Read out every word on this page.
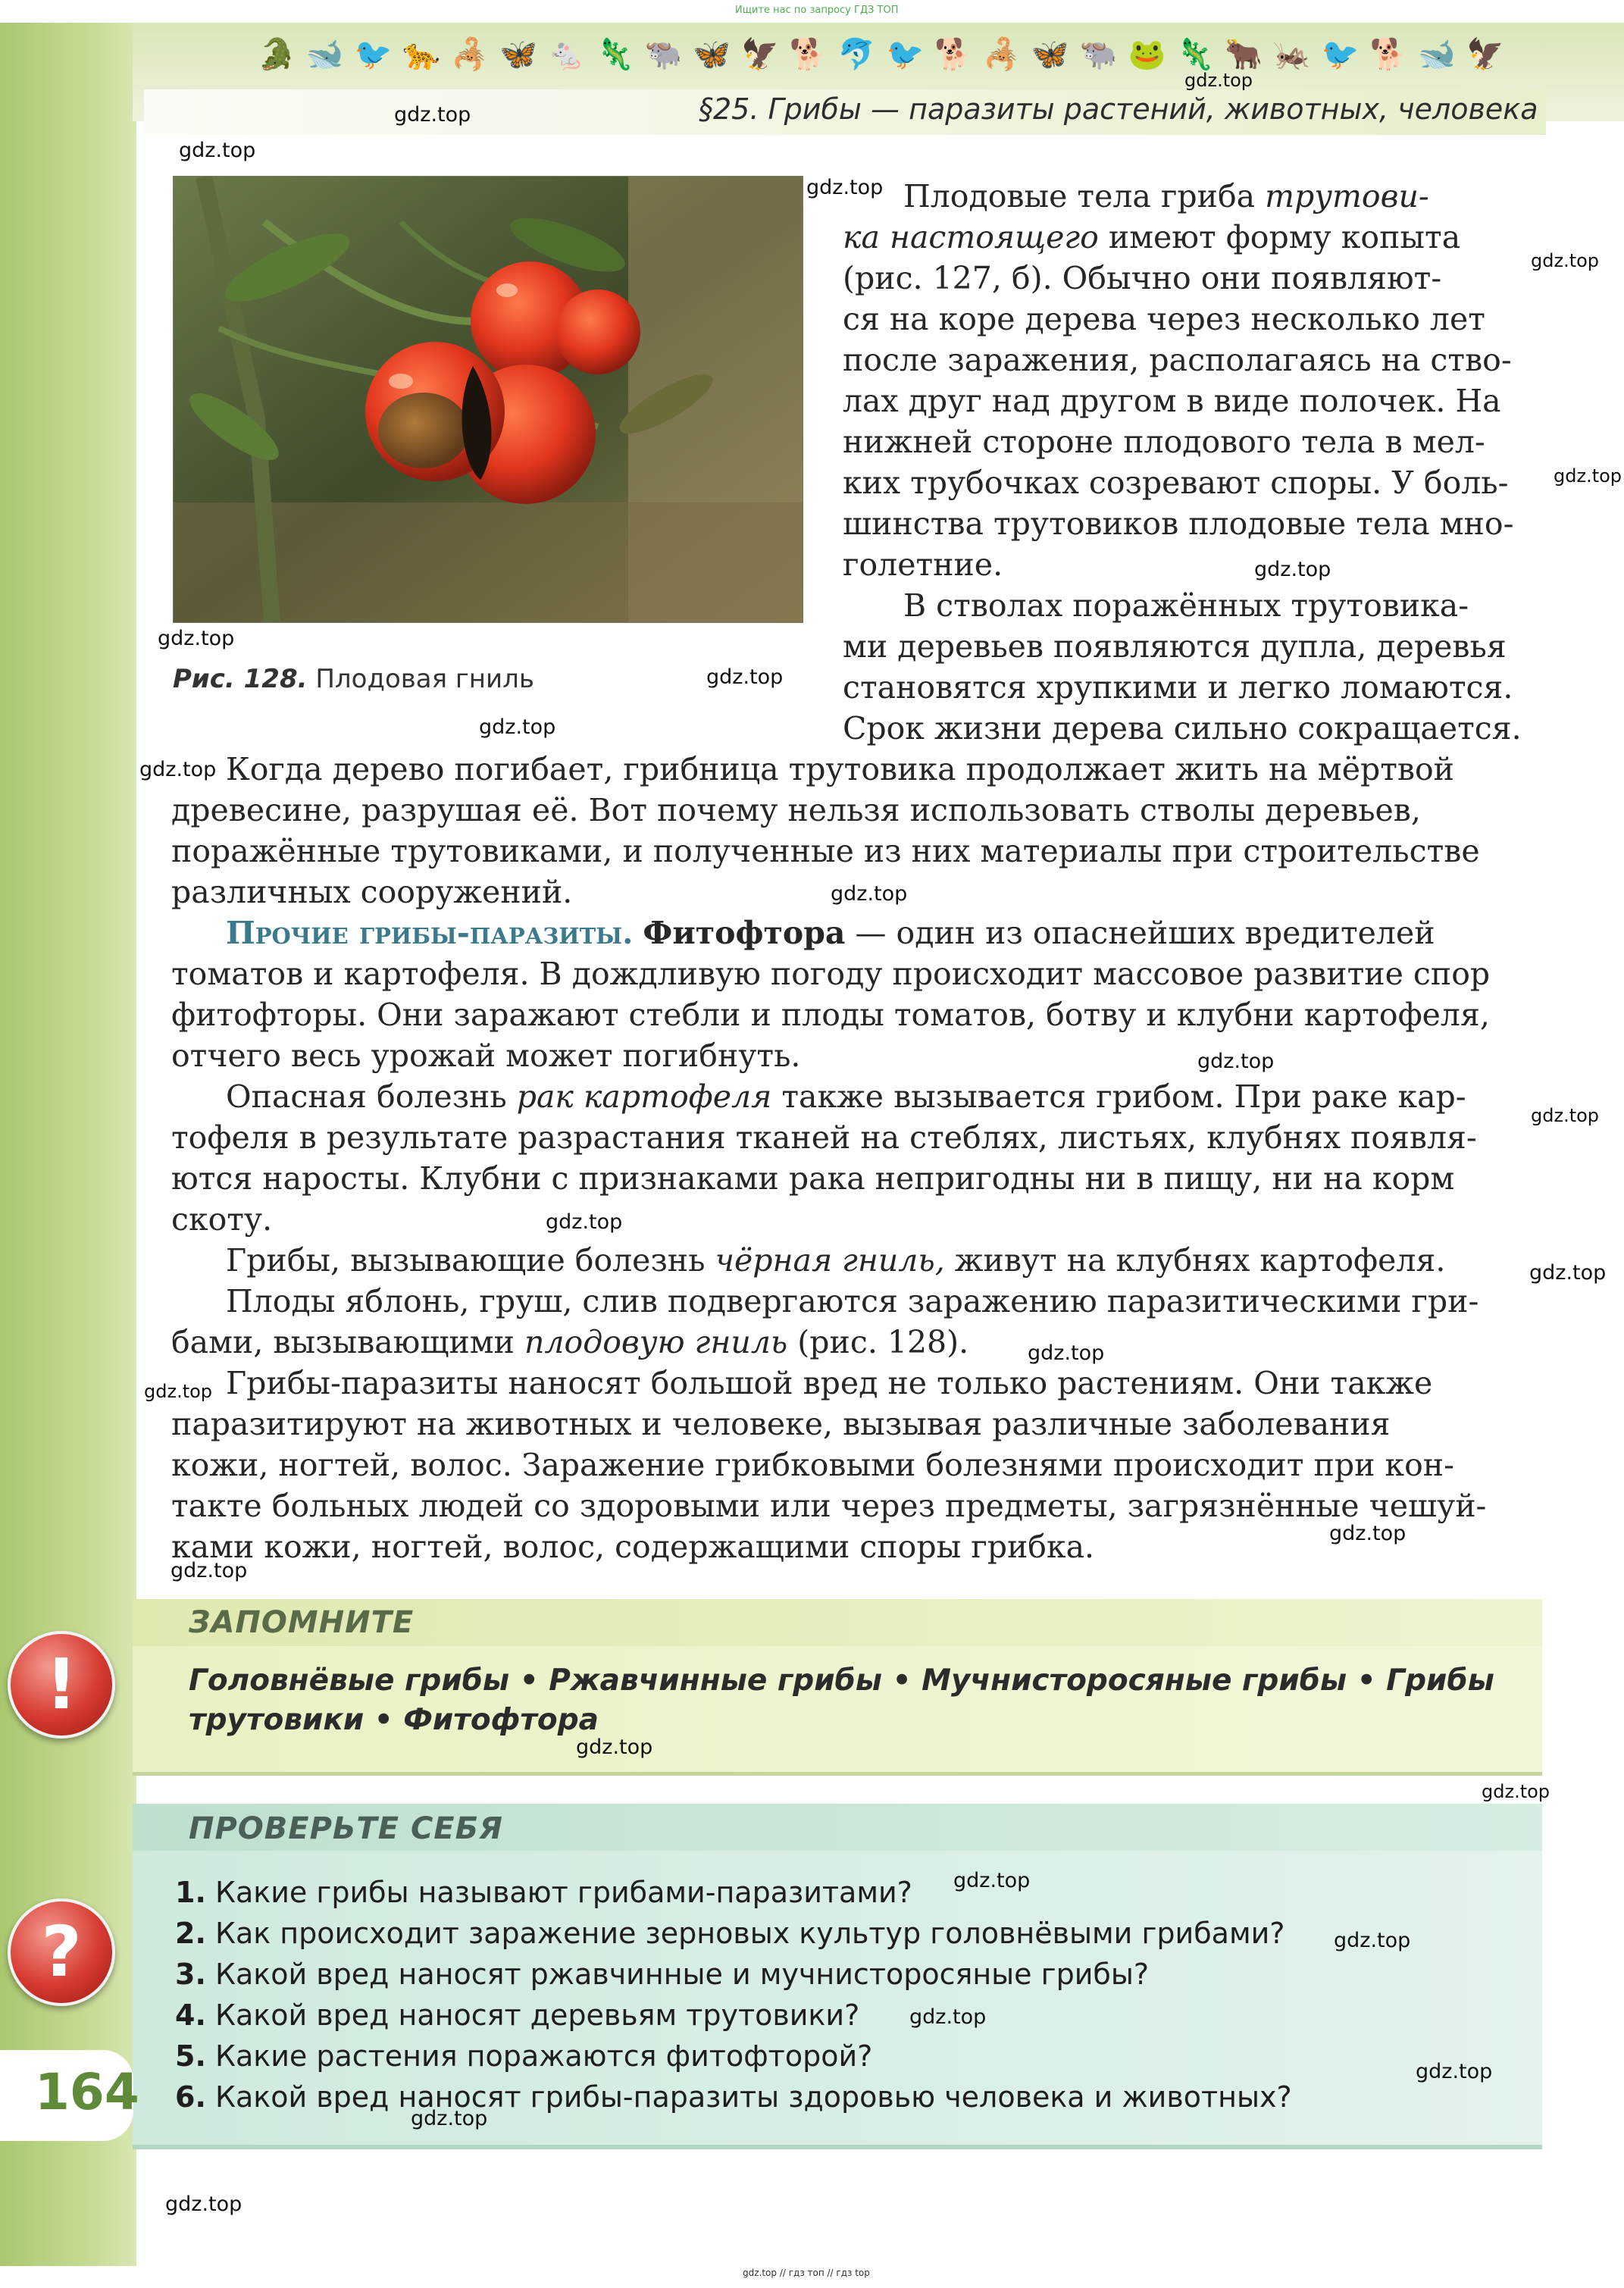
Ищите нас по запросу ГДЗ ТОП
🐊🐋🐦🐆🦂🦋🐁🦎🐃🦋🦅🐕🐬🐦🐕🦂🦋🐃🐸🦎🐂🦗🐦🐕🐋🦅
§25. Грибы — паразиты растений, животных, человека
Рис. 128. Плодовая гниль
Плодовые тела гриба трутови-
ка настоящего имеют форму копыта
(рис. 127, б). Обычно они появляют-
ся на коре дерева через несколько лет
после заражения, располагаясь на ство-
лах друг над другом в виде полочек. На
нижней стороне плодового тела в мел-
ких трубочках созревают споры. У боль-
шинства трутовиков плодовые тела мно-
голетние.
В стволах поражённых трутовика-
ми деревьев появляются дупла, деревья
становятся хрупкими и легко ломаются.
Срок жизни дерева сильно сокращается.
Когда дерево погибает, грибница трутовика продолжает жить на мёртвой
древесине, разрушая её. Вот почему нельзя использовать стволы деревьев,
поражённые трутовиками, и полученные из них материалы при строительстве
различных сооружений.
Прочие грибы-паразиты. Фитофтора — один из опаснейших вредителей
томатов и картофеля. В дождливую погоду происходит массовое развитие спор
фитофторы. Они заражают стебли и плоды томатов, ботву и клубни картофеля,
отчего весь урожай может погибнуть.
Опасная болезнь рак картофеля также вызывается грибом. При раке кар-
тофеля в результате разрастания тканей на стеблях, листьях, клубнях появля-
ются наросты. Клубни с признаками рака непригодны ни в пищу, ни на корм
скоту.
Грибы, вызывающие болезнь чёрная гниль, живут на клубнях картофеля.
Плоды яблонь, груш, слив подвергаются заражению паразитическими гри-
бами, вызывающими плодовую гниль (рис. 128).
Грибы-паразиты наносят большой вред не только растениям. Они также
паразитируют на животных и человеке, вызывая различные заболевания
кожи, ногтей, волос. Заражение грибковыми болезнями происходит при кон-
такте больных людей со здоровыми или через предметы, загрязнённые чешуй-
ками кожи, ногтей, волос, содержащими споры грибка.
ЗАПОМНИТЕ
Головнёвые грибы • Ржавчинные грибы • Мучнисторосяные грибы • Грибы
трутовики • Фитофтора
!
ПРОВЕРЬТЕ СЕБЯ
1. Какие грибы называют грибами-паразитами?
2. Как происходит заражение зерновых культур головнёвыми грибами?
3. Какой вред наносят ржавчинные и мучнисторосяные грибы?
4. Какой вред наносят деревьям трутовики?
5. Какие растения поражаются фитофторой?
6. Какой вред наносят грибы-паразиты здоровью человека и животных?
?
164
gdz.top // гдз топ // гдз top
gdz.top
gdz.top
gdz.top
gdz.top
gdz.top
gdz.top
gdz.top
gdz.top
gdz.top
gdz.top
gdz.top
gdz.top
gdz.top
gdz.top
gdz.top
gdz.top
gdz.top
gdz.top
gdz.top
gdz.top
gdz.top
gdz.top
gdz.top
gdz.top
gdz.top
gdz.top
gdz.top
gdz.top
